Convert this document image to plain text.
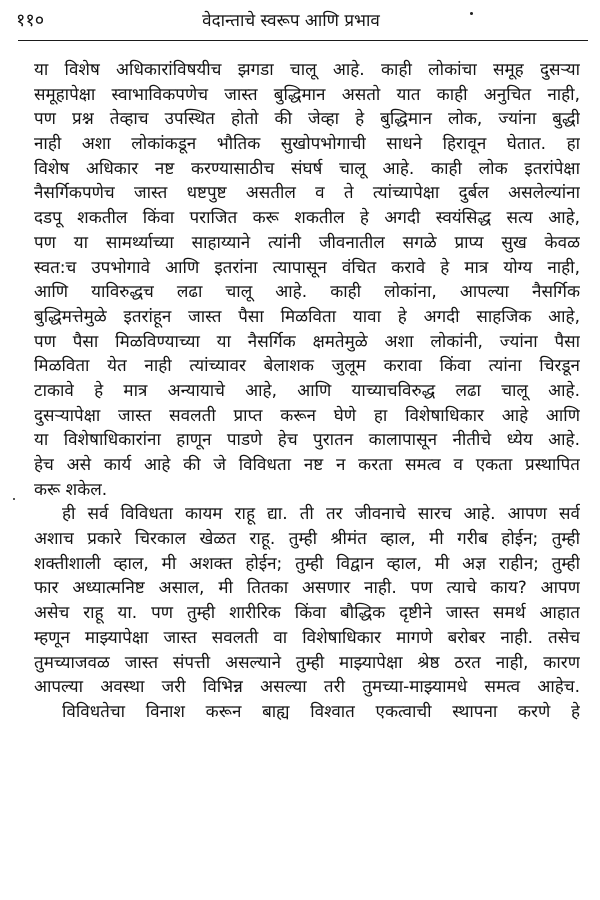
११०	वेदान्ताचे स्वरूप आणि प्रभाव
या विशेष अधिकारांविषयीच झगडा चालू आहे. काही लोकांचा समूह दुसऱ्या
समूहापेक्षा स्वाभाविकपणेच जास्त बुद्धिमान असतो यात काही अनुचित नाही,
पण प्रश्न तेव्हाच उपस्थित होतो की जेव्हा हे बुद्धिमान लोक, ज्यांना बुद्धी
नाही अशा लोकांकडून भौतिक सुखोपभोगाची साधने हिरावून घेतात. हा
विशेष अधिकार नष्ट करण्यासाठीच संघर्ष चालू आहे. काही लोक इतरांपेक्षा
नैसर्गिकपणेच जास्त धष्टपुष्ट असतील व ते त्यांच्यापेक्षा दुर्बल असलेल्यांना
दडपू शकतील किंवा पराजित करू शकतील हे अगदी स्वयंसिद्ध सत्य आहे,
पण या सामर्थ्याच्या साहाय्याने त्यांनी जीवनातील सगळे प्राप्य सुख केवळ
स्वत:च उपभोगावे आणि इतरांना त्यापासून वंचित करावे हे मात्र योग्य नाही,
आणि याविरुद्धच लढा चालू आहे. काही लोकांना, आपल्या नैसर्गिक
बुद्धिमत्तेमुळे इतरांहून जास्त पैसा मिळविता यावा हे अगदी साहजिक आहे,
पण पैसा मिळविण्याच्या या नैसर्गिक क्षमतेमुळे अशा लोकांनी, ज्यांना पैसा
मिळविता येत नाही त्यांच्यावर बेलाशक जुलूम करावा किंवा त्यांना चिरडून
टाकावे हे मात्र अन्यायाचे आहे, आणि याच्याचविरुद्ध लढा चालू आहे.
दुसऱ्यापेक्षा जास्त सवलती प्राप्त करून घेणे हा विशेषाधिकार आहे आणि
या विशेषाधिकारांना हाणून पाडणे हेच पुरातन कालापासून नीतीचे ध्येय आहे.
हेच असे कार्य आहे की जे विविधता नष्ट न करता समत्व व एकता प्रस्थापित
करू शकेल.
ही सर्व विविधता कायम राहू द्या. ती तर जीवनाचे सारच आहे. आपण सर्व
अशाच प्रकारे चिरकाल खेळत राहू. तुम्ही श्रीमंत व्हाल, मी गरीब होईन; तुम्ही
शक्तीशाली व्हाल, मी अशक्त होईन; तुम्ही विद्वान व्हाल, मी अज्ञ राहीन; तुम्ही
फार अध्यात्मनिष्ट असाल, मी तितका असणार नाही. पण त्याचे काय? आपण
असेच राहू या. पण तुम्ही शारीरिक किंवा बौद्धिक दृष्टीने जास्त समर्थ आहात
म्हणून माझ्यापेक्षा जास्त सवलती वा विशेषाधिकार मागणे बरोबर नाही. तसेच
तुमच्याजवळ जास्त संपत्ती असल्याने तुम्ही माझ्यापेक्षा श्रेष्ठ ठरत नाही, कारण
आपल्या अवस्था जरी विभिन्न असल्या तरी तुमच्या-माझ्यामधे समत्व आहेच.
विविधतेचा विनाश करून बाह्य विश्वात एकत्वाची स्थापना करणे हे
